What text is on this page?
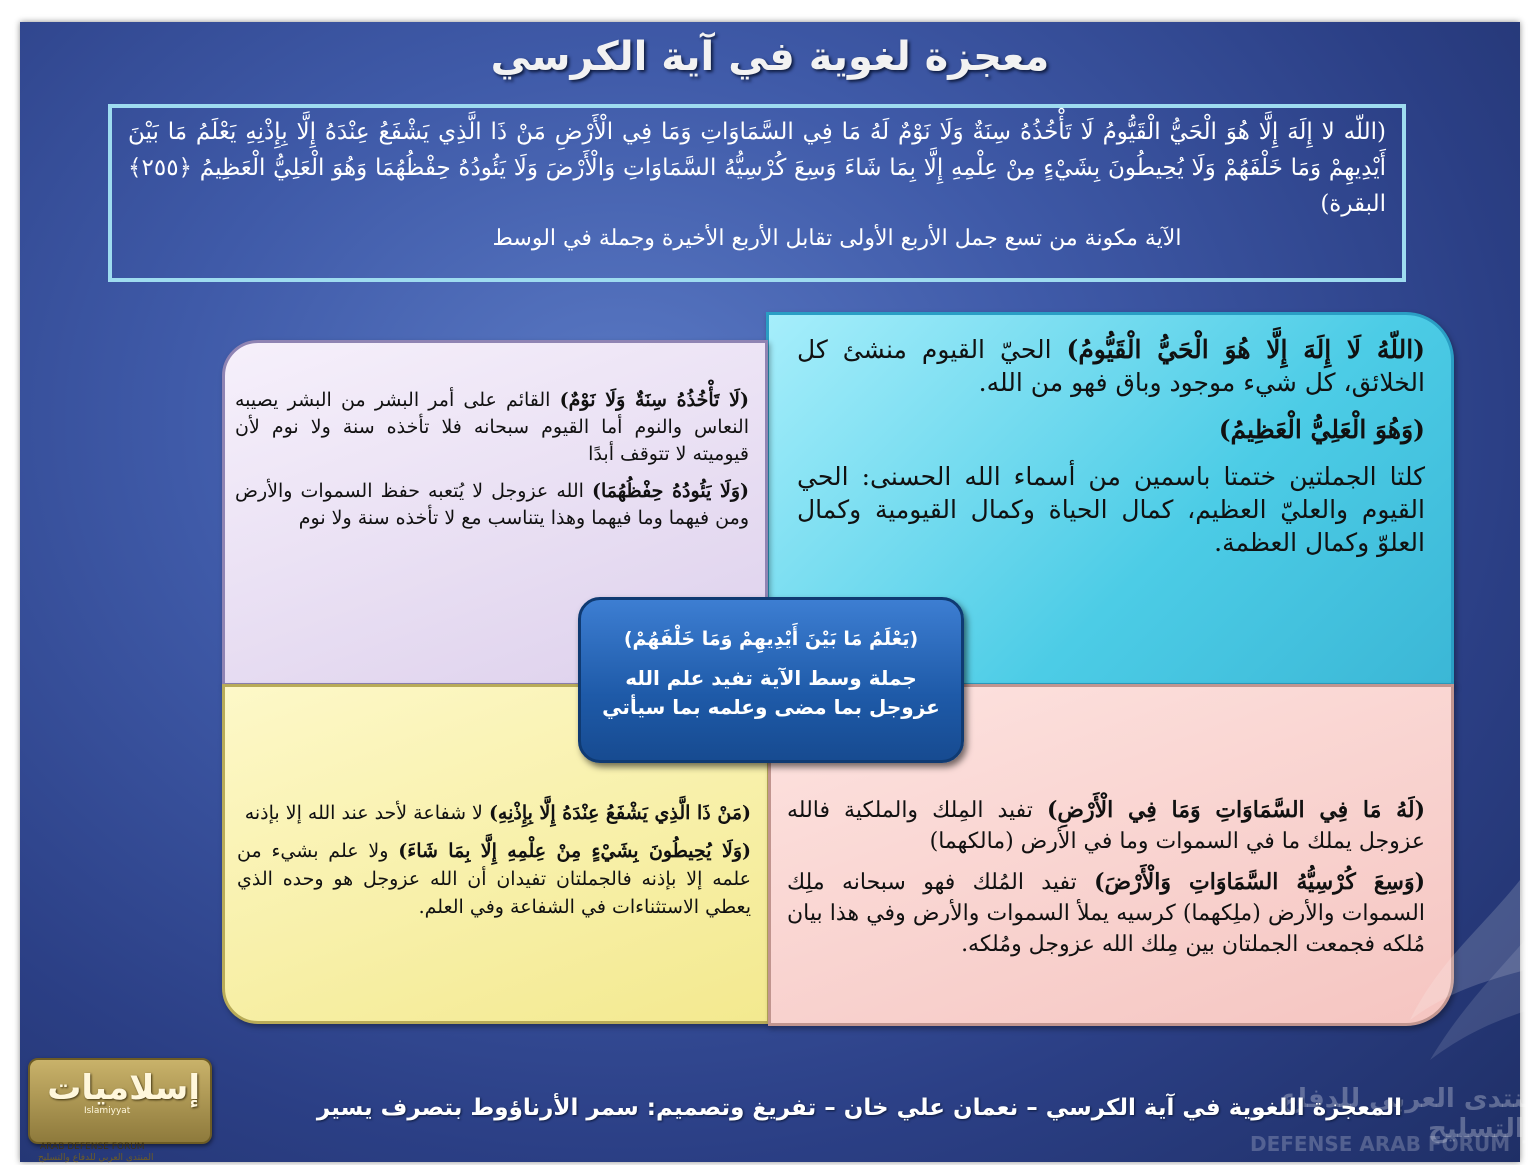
معجزة لغوية في آية الكرسي
(اللّه لا إِلَهَ إِلَّا هُوَ الْحَيُّ الْقَيُّومُ لَا تَأْخُذُهُ سِنَةٌ وَلَا نَوْمٌ لَهُ مَا فِي السَّمَاوَاتِ وَمَا فِي الْأَرْضِ مَنْ ذَا الَّذِي يَشْفَعُ عِنْدَهُ إِلَّا بِإِذْنِهِ يَعْلَمُ مَا بَيْنَ أَيْدِيهِمْ وَمَا خَلْفَهُمْ وَلَا يُحِيطُونَ بِشَيْءٍ مِنْ عِلْمِهِ إِلَّا بِمَا شَاءَ وَسِعَ كُرْسِيُّهُ السَّمَاوَاتِ وَالْأَرْضَ وَلَا يَئُودُهُ حِفْظُهُمَا وَهُوَ الْعَلِيُّ الْعَظِيمُ ﴿٢٥٥﴾ البقرة)
الآية مكونة من تسع جمل الأربع الأولى تقابل الأربع الأخيرة وجملة في الوسط

(اللّهُ لَا إِلَهَ إِلَّا هُوَ الْحَيُّ الْقَيُّومُ) الحيّ القيوم منشئ كل الخلائق، كل شيء موجود وباق فهو من الله.

(وَهُوَ الْعَلِيُّ الْعَظِيمُ)

كلتا الجملتين ختمتا باسمين من أسماء الله الحسنى: الحي القيوم والعليّ العظيم، كمال الحياة وكمال القيومية وكمال العلوّ وكمال العظمة.

(لَا تَأْخُذُهُ سِنَةٌ وَلَا نَوْمٌ) القائم على أمر البشر من البشر يصيبه النعاس والنوم أما القيوم سبحانه فلا تأخذه سنة ولا نوم لأن قيوميته لا تتوقف أبدًا

(وَلَا يَئُودُهُ حِفْظُهُمَا) الله عزوجل لا يُتعبه حفظ السموات والأرض ومن فيهما وما فيهما وهذا يتناسب مع لا تأخذه سنة ولا نوم

(مَنْ ذَا الَّذِي يَشْفَعُ عِنْدَهُ إِلَّا بِإِذْنِهِ) لا شفاعة لأحد عند الله إلا بإذنه

(وَلَا يُحِيطُونَ بِشَيْءٍ مِنْ عِلْمِهِ إِلَّا بِمَا شَاءَ) ولا علم بشيء من علمه إلا بإذنه فالجملتان تفيدان أن الله عزوجل هو وحده الذي يعطي الاستثناءات في الشفاعة وفي العلم.

(لَهُ مَا فِي السَّمَاوَاتِ وَمَا فِي الْأَرْضِ) تفيد المِلك والملكية فالله عزوجل يملك ما في السموات وما في الأرض (مالكهما)

(وَسِعَ كُرْسِيُّهُ السَّمَاوَاتِ وَالْأَرْضَ) تفيد المُلك فهو سبحانه ملِك السموات والأرض (ملِكهما) كرسيه يملأ السموات والأرض وفي هذا بيان مُلكه فجمعت الجملتان بين مِلك الله عزوجل ومُلكه.

(يَعْلَمُ مَا بَيْنَ أَيْدِيهِمْ وَمَا خَلْفَهُمْ)
جملة وسط الآية تفيد علم الله عزوجل بما مضى وعلمه بما سيأتي
منتدى العربي للدفاع والتسليح
DEFENSE ARAB FORUM
المعجزة اللغوية في آية الكرسي – نعمان علي خان – تفريغ وتصميم: سمر الأرناؤوط بتصرف يسير
إسلاميات
Islamiyyat
ARAB DEFENSE FORUM
المنتدى العربي للدفاع والتسليح
